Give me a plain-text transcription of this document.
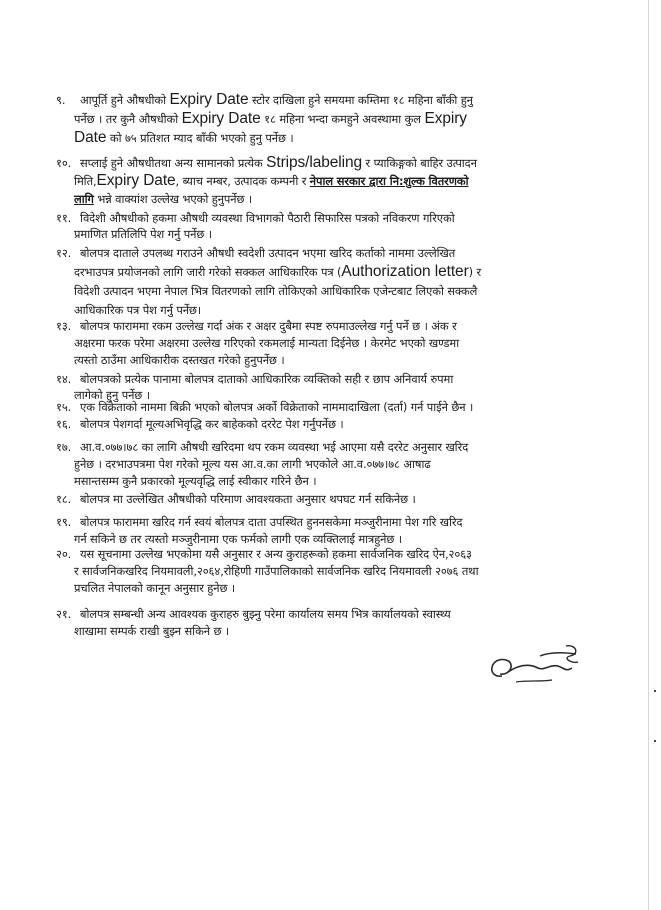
९. आपूर्ति हुने औषधीको Expiry Date स्टोर दाखिला हुने समयमा कम्तिमा १८ महिना बाँकी हुनु
पर्नेछ । तर कुनै औषधीको Expiry Date १८ महिना भन्दा कमहुने अवस्थामा कुल Expiry
Date को ७५ प्रतिशत म्याद बाँकी भएको हुनु पर्नेछ ।
१०. सप्लाई हुने औषधीतथा अन्य सामानको प्रत्येक Strips/labeling र प्याकिङ्गको बाहिर उत्पादन
मिति,Expiry Date, ब्याच नम्बर, उत्पादक कम्पनी र नेपाल सरकार द्वारा नि:शुल्क वितरणको
लागि भन्ने वाक्यांश उल्लेख भएको हुनुपर्नेछ ।
११. विदेशी औषधीको हकमा औषधी व्यवस्था विभागको पैठारी सिफारिस पत्रको नविकरण गरिएको
प्रमाणित प्रतिलिपि पेश गर्नु पर्नेछ ।
१२. बोलपत्र दाताले उपलब्ध गराउने औषधी स्वदेशी उत्पादन भएमा खरिद कर्ताको नाममा उल्लेखित
दरभाउपत्र प्रयोजनको लागि जारी गरेको सक्कल आधिकारिक पत्र (Authorization letter) र
विदेशी उत्पादन भएमा नेपाल भित्र वितरणको लागि तोकिएको आधिकारिक एजेन्टबाट लिएको सक्कलै
आधिकारिक पत्र पेश गर्नु पर्नेछ।
१३. बोलपत्र फाराममा रकम उल्लेख गर्दा अंक र अक्षर दुबैमा स्पष्ट रुपमाउल्लेख गर्नु पर्ने छ । अंक र
अक्षरमा फरक परेमा अक्षरमा उल्लेख गरिएको रकमलाई मान्यता दिईनेछ । केरमेट भएको खण्डमा
त्यस्तो ठाउँमा आधिकारीक दस्तखत गरेको हुनुपर्नेछ ।
१४. बोलपत्रको प्रत्येक पानामा बोलपत्र दाताको आधिकारिक व्यक्तिको सही र छाप अनिवार्य रुपमा
लागेको हुनु पर्नेछ ।
१५. एक विक्रेताको नाममा बिक्री भएको बोलपत्र अर्को विक्रेताको नाममादाखिला (दर्ता) गर्न पाईने छैन ।
१६. बोलपत्र पेशगर्दा मूल्यअभिवृद्धि कर बाहेकको दररेट पेश गर्नुपर्नेछ ।
१७. आ.व.०७७।७८ का लागि औषधी खरिदमा थप रकम व्यवस्था भई आएमा यसै दररेट अनुसार खरिद
हुनेछ । दरभाउपत्रमा पेश गरेको मूल्य यस आ.व.का लागी भएकोले आ.व.०७७।७८ आषाढ
मसान्तसम्म कुनै प्रकारको मूल्यवृद्धि लाई स्वीकार गरिने छैन ।
१८. बोलपत्र मा उल्लेखित औषधीको परिमाण आवश्यकता अनुसार थपघट गर्न सकिनेछ ।
१९. बोलपत्र फाराममा खरिद गर्न स्वयं बोलपत्र दाता उपस्थित हुननसकेमा मञ्जुरीनामा पेश गरि खरिद
गर्न सकिने छ तर त्यस्तो मञ्जुरीनामा एक फर्मको लागी एक व्यक्तिलाई मात्रहुनेछ ।
२०. यस सूचनामा उल्लेख भएकोमा यसै अनुसार र अन्य कुराहरूको हकमा सार्वजनिक खरिद ऐन,२०६३
र सार्वजनिकखरिद नियमावली,२०६४,रोहिणी गाउँपालिकाको सार्वजनिक खरिद नियमावली २०७६ तथा
प्रचलित नेपालको कानून अनुसार हुनेछ ।
२१. बोलपत्र सम्बन्धी अन्य आवश्यक कुराहरु बुझ्नु परेमा कार्यालय समय भित्र कार्यालयको स्वास्थ्य
शाखामा सम्पर्क राखी बुझ्न सकिने छ ।
